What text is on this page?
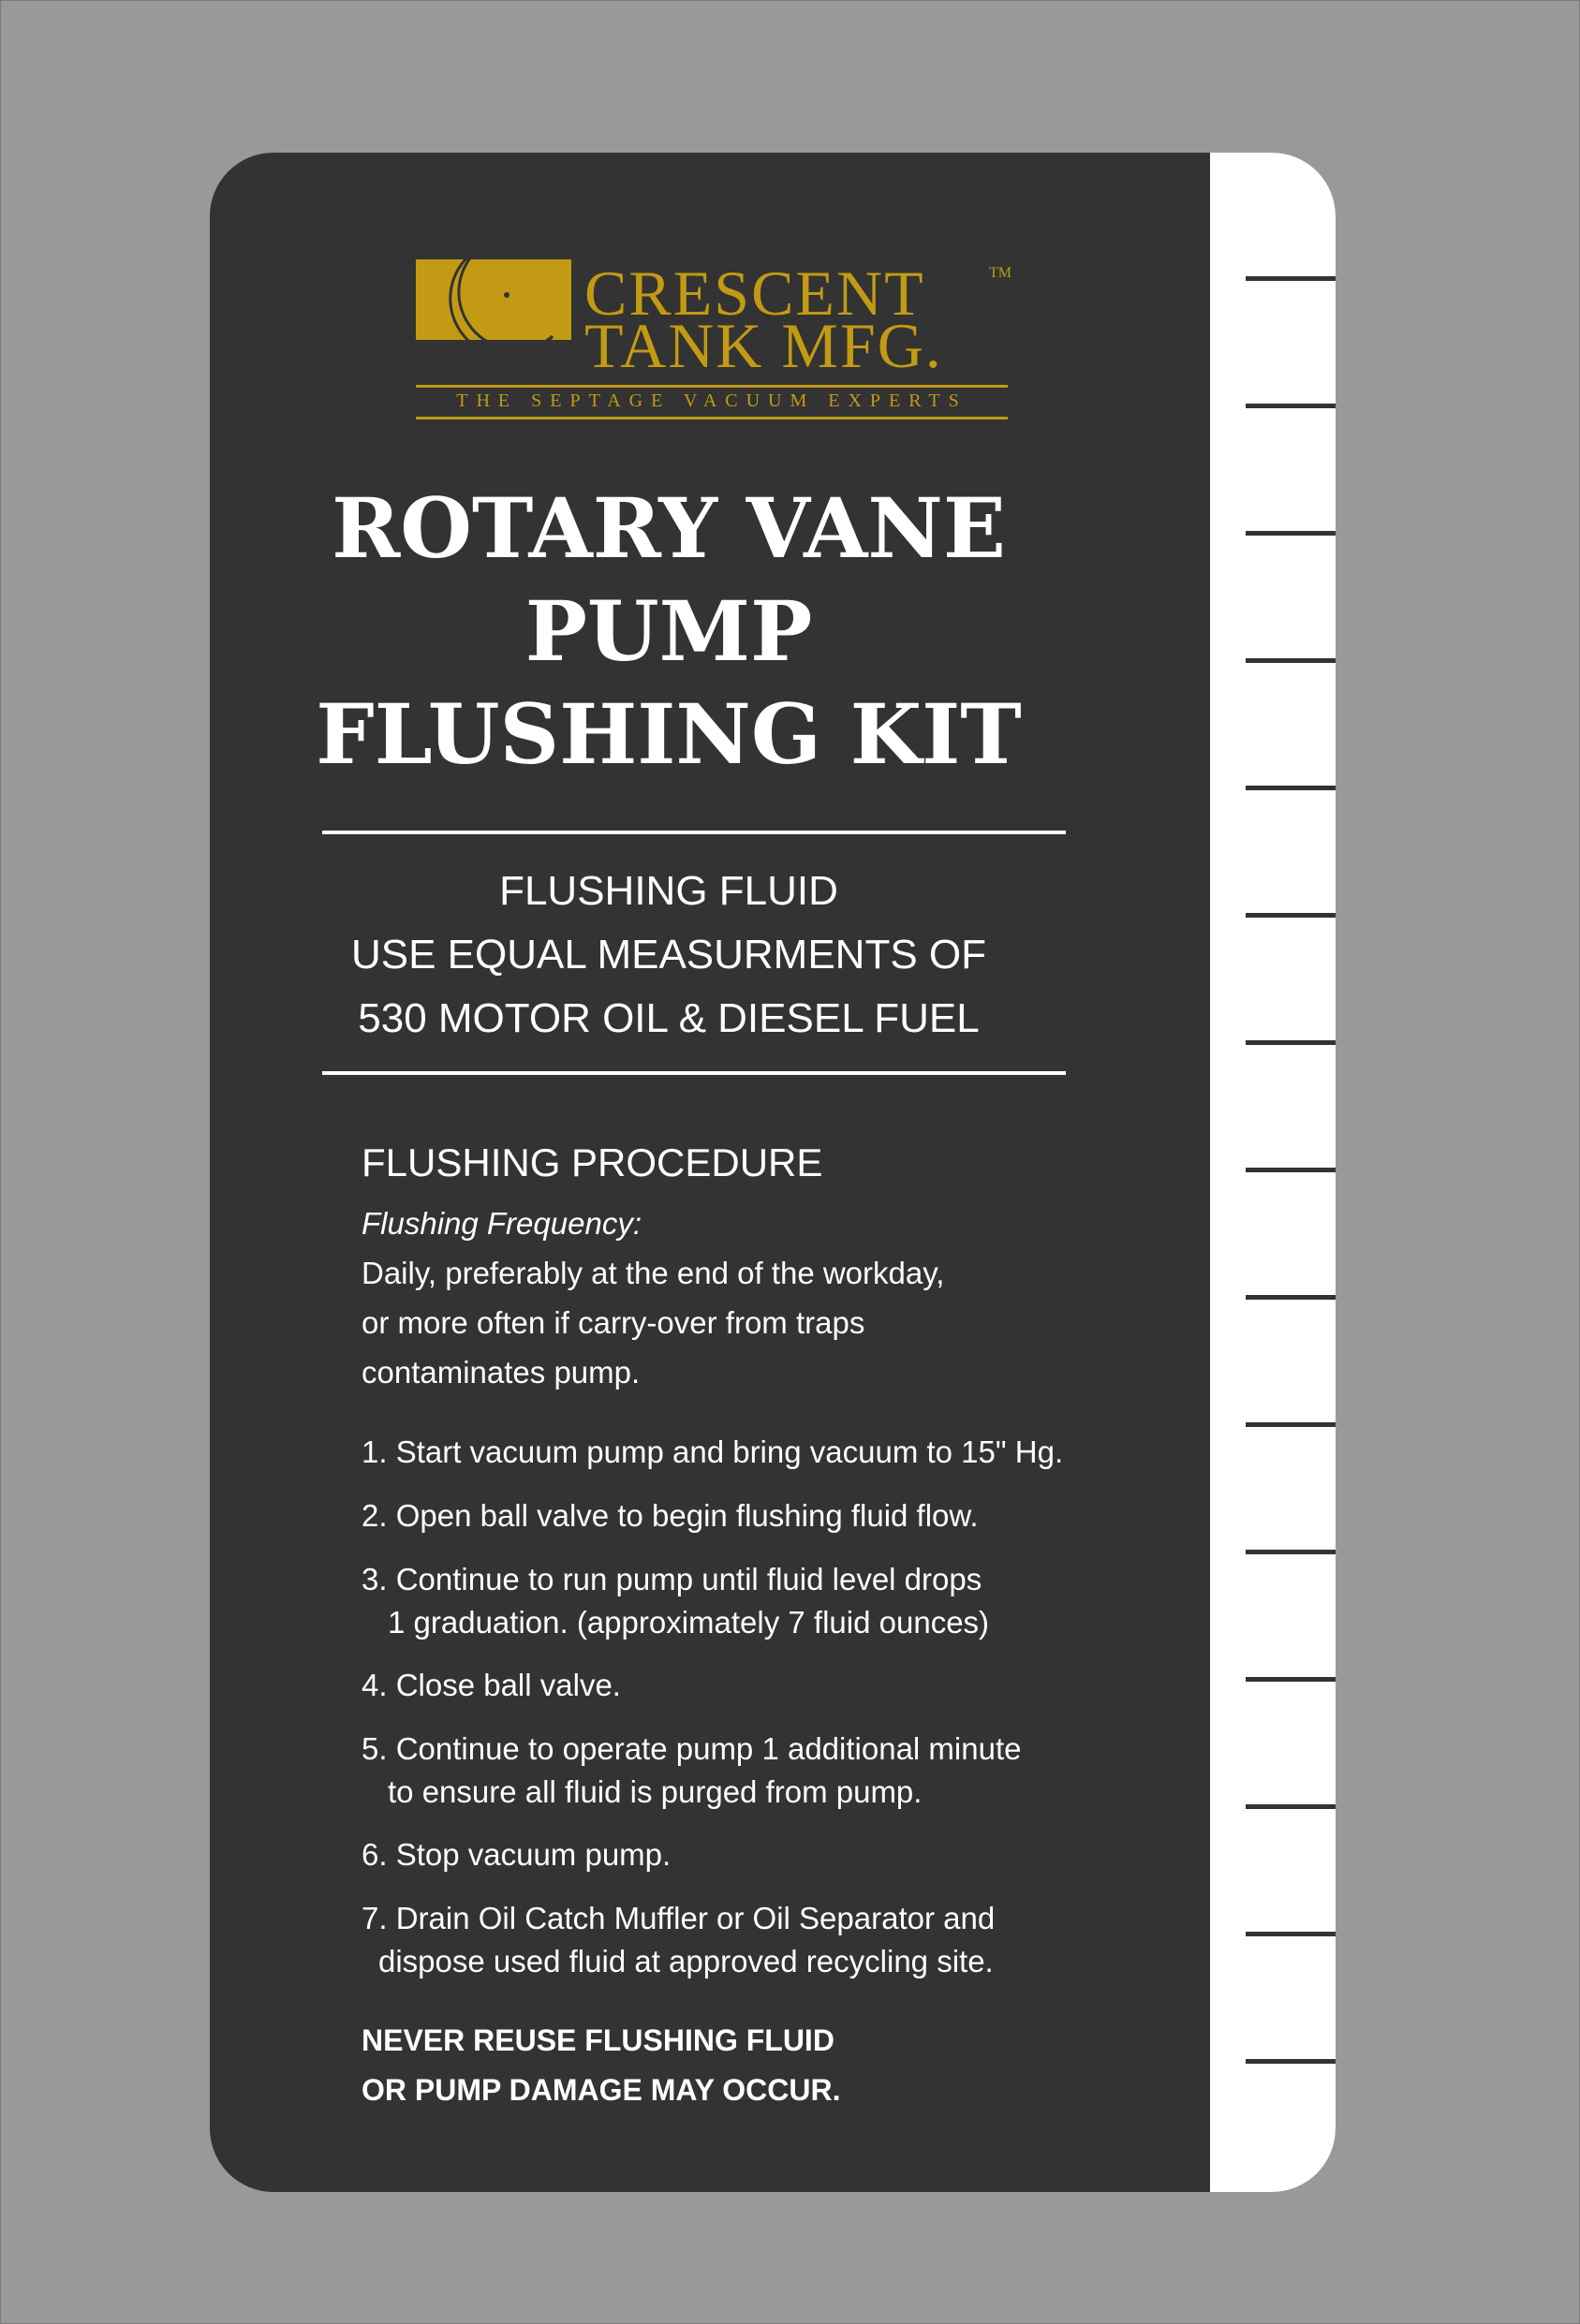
CRESCENT	TM
TANK MFG.
THE SEPTAGE VACUUM EXPERTS
ROTARY VANE
PUMP
FLUSHING KIT
FLUSHING FLUID
USE EQUAL MEASURMENTS OF
530 MOTOR OIL & DIESEL FUEL
FLUSHING PROCEDURE
Flushing Frequency:
Daily, preferably at the end of the workday,
or more often if carry-over from traps
contaminates pump.
1. Start vacuum pump and bring vacuum to 15" Hg.
2. Open ball valve to begin flushing fluid flow.
3. Continue to run pump until fluid level drops
1 graduation. (approximately 7 fluid ounces)
4. Close ball valve.
5. Continue to operate pump 1 additional minute
to ensure all fluid is purged from pump.
6. Stop vacuum pump.
7. Drain Oil Catch Muffler or Oil Separator and
dispose used fluid at approved recycling site.
NEVER REUSE FLUSHING FLUID
OR PUMP DAMAGE MAY OCCUR.
